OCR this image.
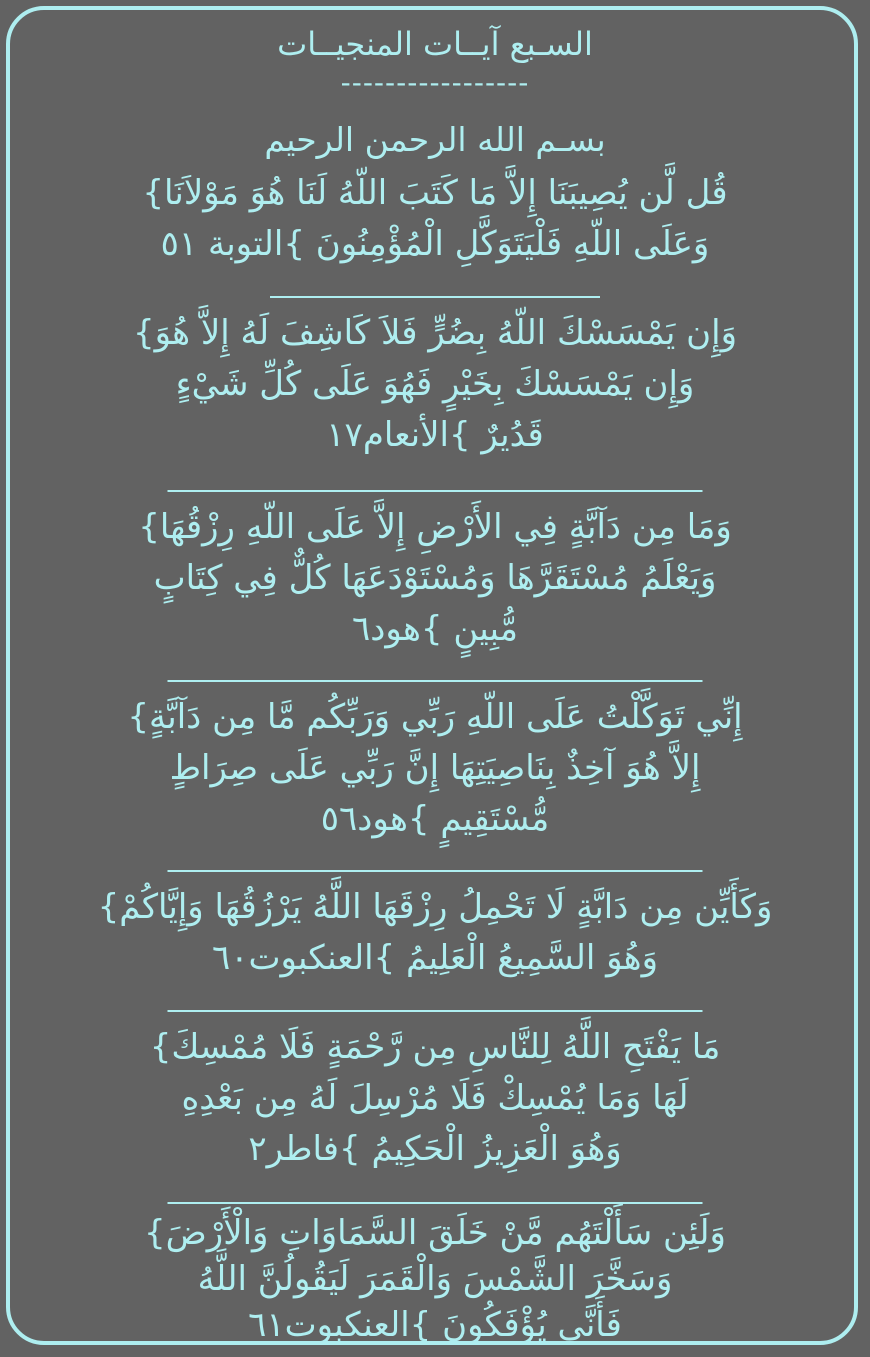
السـبع آيــات المنجيــات
-----------------
بسـم الله الرحمن الرحيم
قُل لَّن يُصِيبَنَا إِلاَّ مَا كَتَبَ اللّهُ لَنَا هُوَ مَوْلاَنَا}
وَعَلَى اللّهِ فَلْيَتَوَكَّلِ الْمُؤْمِنُونَ }التوبة ٥١
وَإِن يَمْسَسْكَ اللّهُ بِضُرٍّ فَلاَ كَاشِفَ لَهُ إِلاَّ هُوَ}
وَإِن يَمْسَسْكَ بِخَيْرٍ فَهُوَ عَلَى كُلِّ شَيْءٍ
قَدُيرٌ }الأنعام١٧
وَمَا مِن دَآبَّةٍ فِي الأَرْضِ إِلاَّ عَلَى اللّهِ رِزْقُهَا}
وَيَعْلَمُ مُسْتَقَرَّهَا وَمُسْتَوْدَعَهَا كُلٌّ فِي كِتَابٍ
مُّبِينٍ }هود٦
إِنِّي تَوَكَّلْتُ عَلَى اللّهِ رَبِّي وَرَبِّكُم مَّا مِن دَآبَّةٍ}
إِلاَّ هُوَ آخِذٌ بِنَاصِيَتِهَا إِنَّ رَبِّي عَلَى صِرَاطٍ
مُّسْتَقِيمٍ }هود٥٦
وَكَأَيِّن مِن دَابَّةٍ لَا تَحْمِلُ رِزْقَهَا اللَّهُ يَرْزُقُهَا وَإِيَّاكُمْ}
وَهُوَ السَّمِيعُ الْعَلِيمُ }العنكبوت٦٠
مَا يَفْتَحِ اللَّهُ لِلنَّاسِ مِن رَّحْمَةٍ فَلَا مُمْسِكَ}
لَهَا وَمَا يُمْسِكْ فَلَا مُرْسِلَ لَهُ مِن بَعْدِهِ
وَهُوَ الْعَزِيزُ الْحَكِيمُ }فاطر٢
وَلَئِن سَأَلْتَهُم مَّنْ خَلَقَ السَّمَاوَاتِ وَالْأَرْضَ}
وَسَخَّرَ الشَّمْسَ وَالْقَمَرَ لَيَقُولُنَّ اللَّهُ
فَأَنَّى يُؤْفَكُونَ }العنكبوت٦١
